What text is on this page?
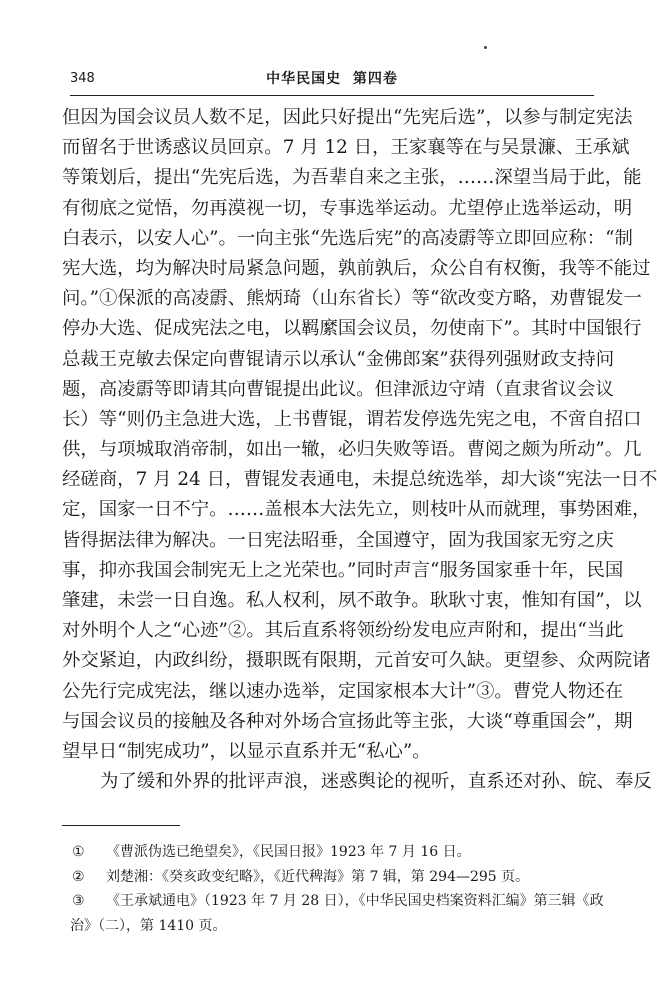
348	中华民国史  第四卷
但因为国会议员人数不足，因此只好提出“先宪后选”，以参与制定宪法
而留名于世诱惑议员回京。7 月 12 日，王家襄等在与吴景濂、王承斌
等策划后，提出“先宪后选，为吾辈自来之主张，……深望当局于此，能
有彻底之觉悟，勿再漠视一切，专事选举运动。尤望停止选举运动，明
白表示，以安人心”。一向主张“先选后宪”的高凌霨等立即回应称：“制
宪大选，均为解决时局紧急问题，孰前孰后，众公自有权衡，我等不能过
问。”①保派的高凌霨、熊炳琦（山东省长）等“欲改变方略，劝曹锟发一
停办大选、促成宪法之电，以羁縻国会议员，勿使南下”。其时中国银行
总裁王克敏去保定向曹锟请示以承认“金佛郎案”获得列强财政支持问
题，高凌霨等即请其向曹锟提出此议。但津派边守靖（直隶省议会议
长）等“则仍主急进大选，上书曹锟，谓若发停选先宪之电，不啻自招口
供，与项城取消帝制，如出一辙，必归失败等语。曹阅之颇为所动”。几
经磋商，7 月 24 日，曹锟发表通电，未提总统选举，却大谈“宪法一日不
定，国家一日不宁。……盖根本大法先立，则枝叶从而就理，事势困难，
皆得据法律为解决。一日宪法昭垂，全国遵守，固为我国家无穷之庆
事，抑亦我国会制宪无上之光荣也。”同时声言“服务国家垂十年，民国
肇建，未尝一日自逸。私人权利，夙不敢争。耿耿寸衷，惟知有国”，以
对外明个人之“心迹”②。其后直系将领纷纷发电应声附和，提出“当此
外交紧迫，内政纠纷，摄职既有限期，元首安可久缺。更望参、众两院诸
公先行完成宪法，继以速办选举，定国家根本大计”③。曹党人物还在
与国会议员的接触及各种对外场合宣扬此等主张，大谈“尊重国会”，期
望早日“制宪成功”，以显示直系并无“私心”。
为了缓和外界的批评声浪，迷惑舆论的视听，直系还对孙、皖、奉反
① 《曹派伪选已绝望矣》，《民国日报》1923 年 7 月 16 日。
② 刘楚湘：《癸亥政变纪略》，《近代稗海》第 7 辑，第 294—295 页。
③ 《王承斌通电》（1923 年 7 月 28 日），《中华民国史档案资料汇编》第三辑《政
治》（二），第 1410 页。
